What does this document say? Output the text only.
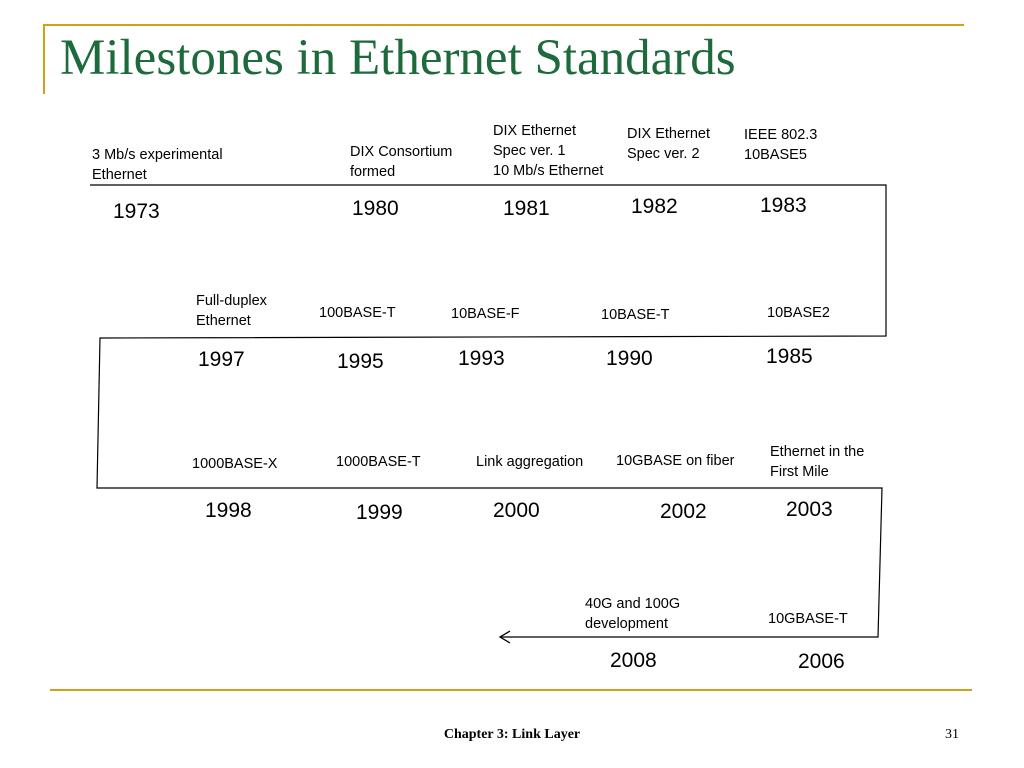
Milestones in Ethernet Standards
3 Mb/s experimental
Ethernet
1973
DIX Consortium
formed
1980
DIX Ethernet
Spec ver. 1
10 Mb/s Ethernet
1981
DIX Ethernet
Spec ver. 2
1982
IEEE 802.3
10BASE5
1983
Full-duplex
Ethernet
1997
100BASE-T
1995
10BASE-F
1993
10BASE-T
1990
10BASE2
1985
1000BASE-X
1998
1000BASE-T
1999
Link aggregation
2000
10GBASE on fiber
2002
Ethernet in the
First Mile
2003
40G and 100G
development
2008
10GBASE-T
2006
Chapter 3: Link Layer	31
